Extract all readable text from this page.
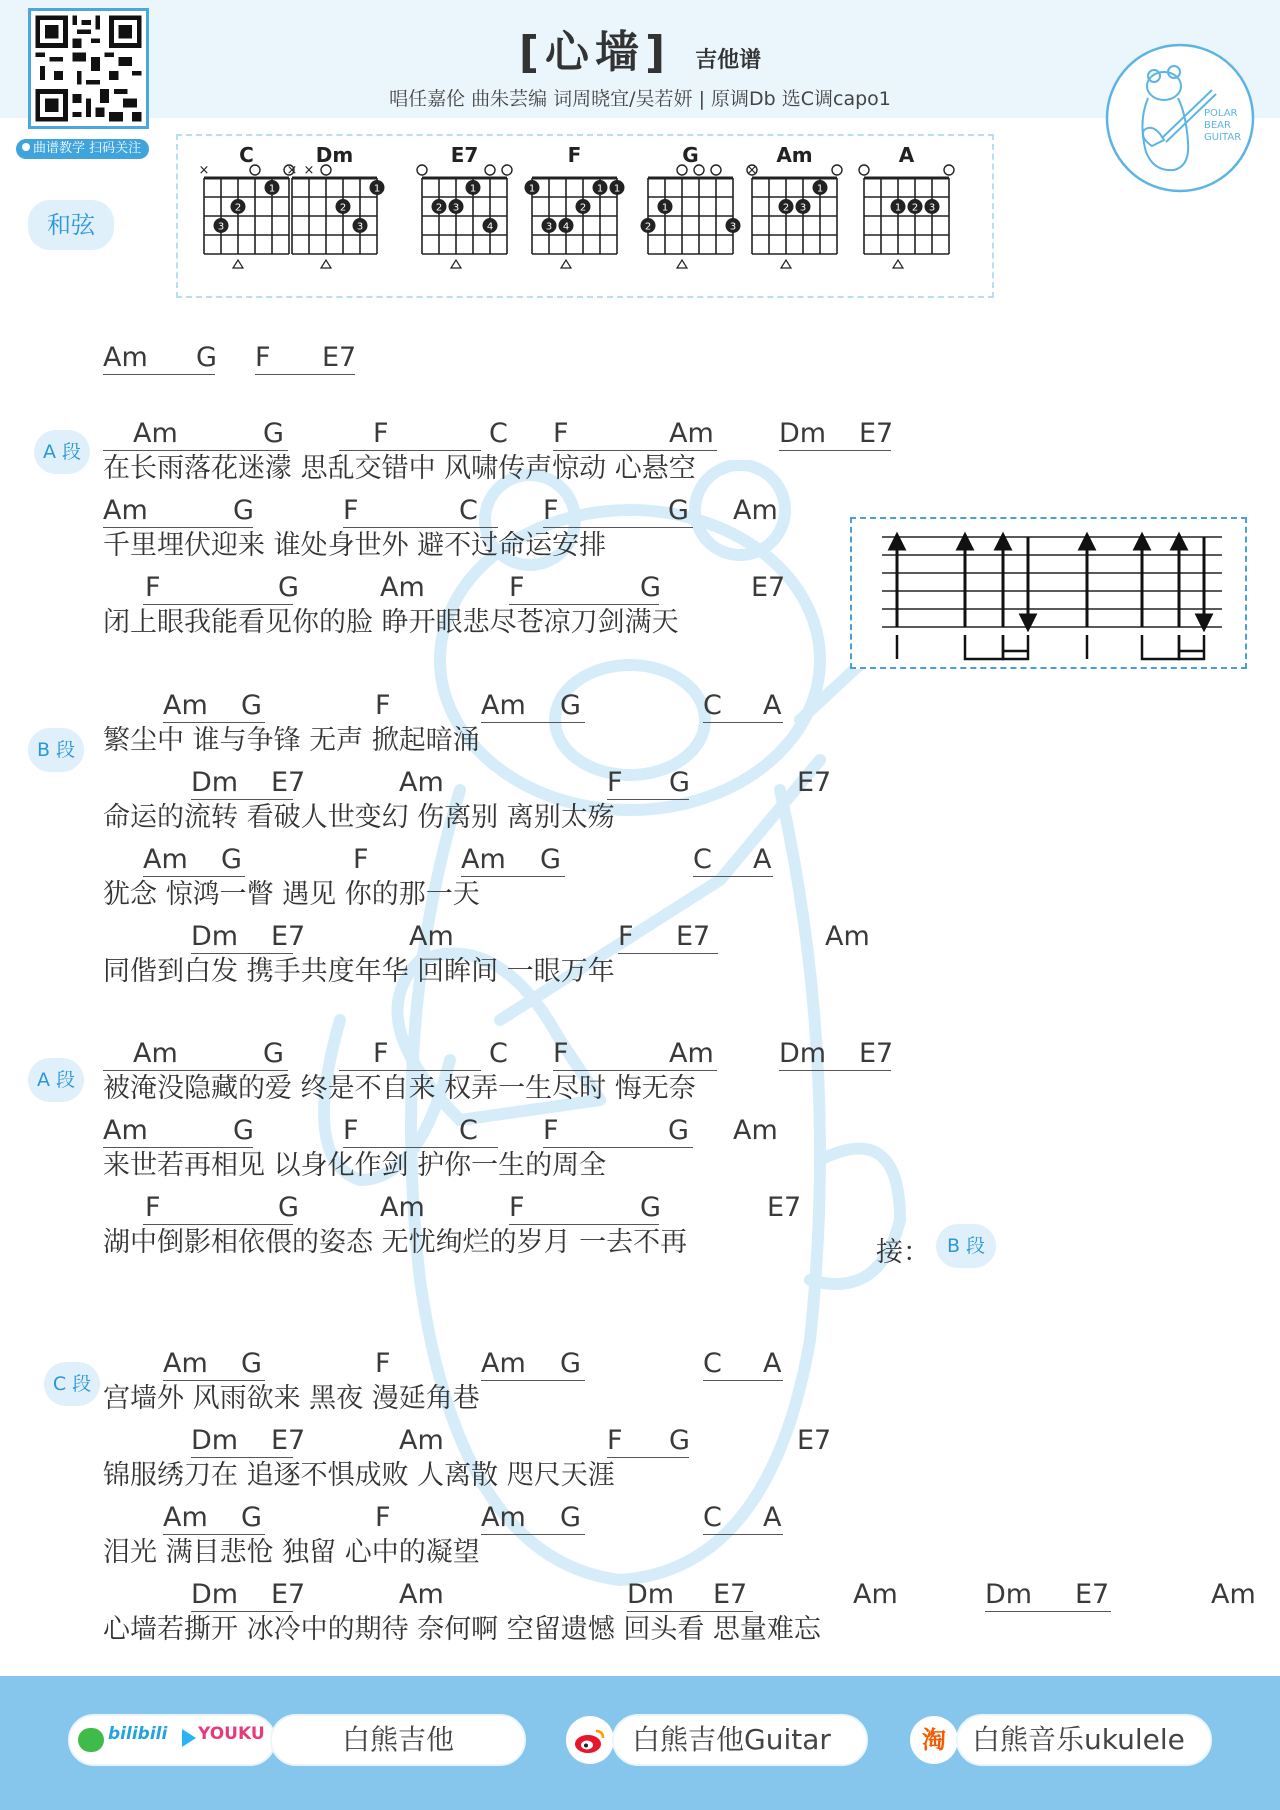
曲谱教学 扫码关注
[心墙] 吉他谱
唱任嘉伦 曲朱芸编 词周晓宜/吴若妍 | 原调Db 选C调capo1
POLAR
BEAR
GUITAR
和弦
C
×
1
2
3
Dm
× ×
1
2
3
E7
1
2 3
4
F
1	1 1
2
3 4
G
1
2	3
Am
×
1
2 3
A
1 2 3
A 段
B 段
A 段
C 段
Am G F E7
Am	G	F	C F	Am Dm E7
在长雨落花迷濛 思乱交错中 风啸传声惊动 心悬空
Am	G	F	C F	G Am
千里埋伏迎来 谁处身世外 避不过命运安排
F	G	Am	F	G	E7
闭上眼我能看见你的脸 睁开眼悲尽苍凉刀剑满天
Am G	F	Am G	C A
繁尘中 谁与争锋 无声 掀起暗涌
Dm E7	Am	F G	E7
命运的流转 看破人世变幻 伤离别 离别太殇
Am G	F	Am G	C A
犹念 惊鸿一瞥 遇见 你的那一天
Dm E7	Am	F E7	Am
同偕到白发 携手共度年华 回眸间 一眼万年
Am	G	F	C F	Am Dm E7
被淹没隐藏的爱 终是不自来 权弄一生尽时 悔无奈
Am	G	F	C F	G Am
来世若再相见 以身化作剑 护你一生的周全
F	G	Am	F	G	E7
湖中倒影相依偎的姿态 无忧绚烂的岁月 一去不再
Am G	F	Am G	C A
宫墙外 风雨欲来 黑夜 漫延角巷
Dm E7	Am	F G	E7
锦服绣刀在 追逐不惧成败 人离散 咫尺天涯
Am G	F	Am G	C A
泪光 满目悲怆 独留 心中的凝望
Dm E7	Am	Dm E7	Am	Dm E7	Am
心墙若撕开 冰冷中的期待 奈何啊 空留遗憾 回头看 思量难忘
接： B 段
bilibili YOUKU	白熊吉他	白熊吉他Guitar	淘 白熊音乐ukulele
